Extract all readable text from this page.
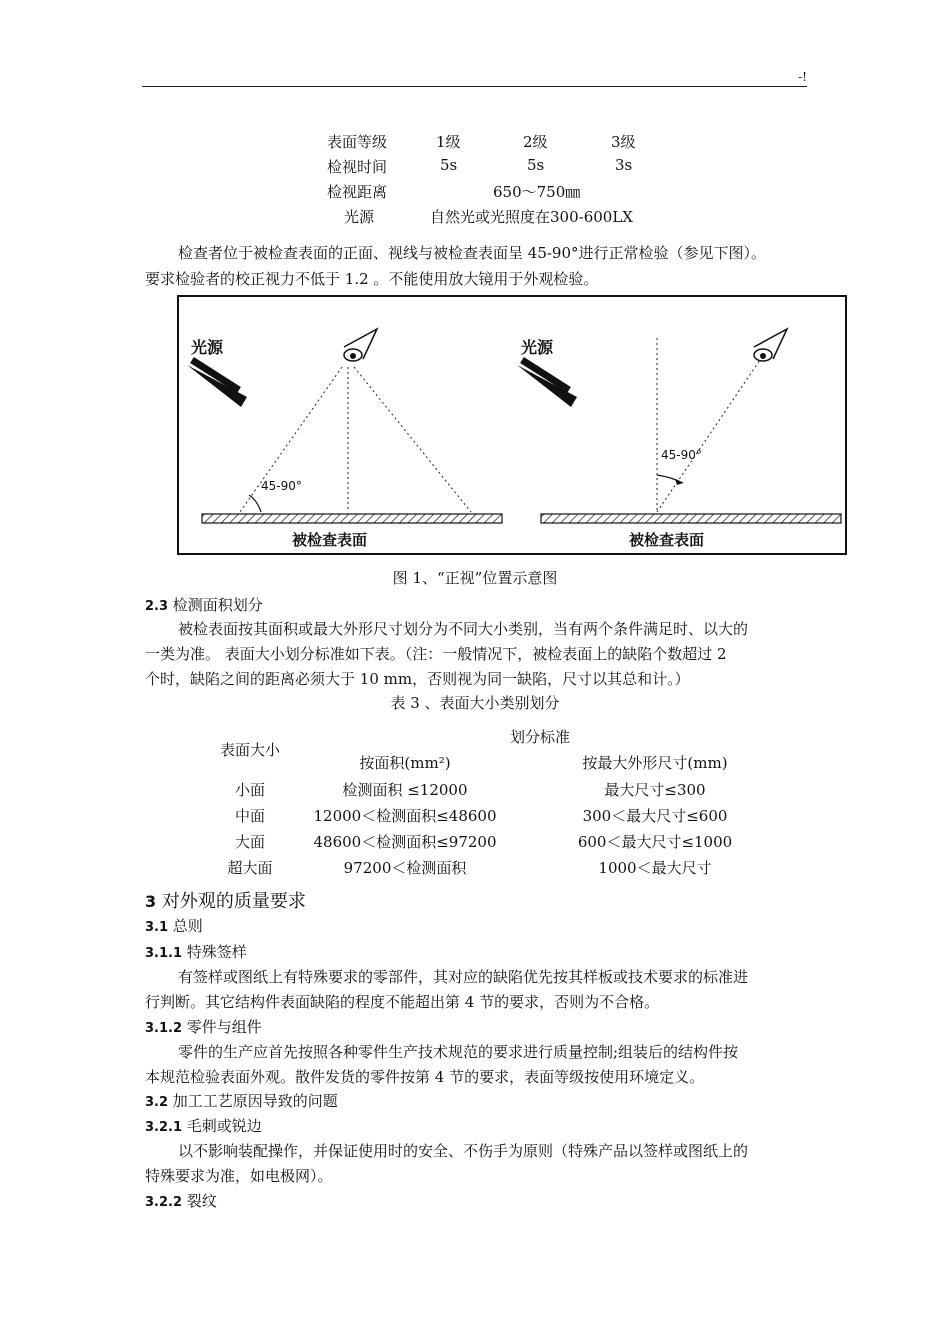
-!
表面等级	1级	2级	3级
检视时间	5s	5s	3s
检视距离	650～750㎜
光源	自然光或光照度在300-600LX
检查者位于被检查表面的正面、视线与被检查表面呈 45-90°进行正常检验（参见下图）。
要求检验者的校正视力不低于 1.2 。不能使用放大镜用于外观检验。
光源	光源
45-90°
45-90°
被检查表面	被检查表面
图 1、“正视”位置示意图
2.3 检测面积划分
被检表面按其面积或最大外形尺寸划分为不同大小类别，当有两个条件满足时、以大的
一类为准。 表面大小划分标准如下表。（注：一般情况下，被检表面上的缺陷个数超过 2
个时，缺陷之间的距离必须大于 10 mm，否则视为同一缺陷，尺寸以其总和计。）
表 3 、表面大小类别划分
表面大小
划分标准
按面积(mm²)	按最大外形尺寸(mm)
小面	检测面积 ≤12000	最大尺寸≤300
中面	12000＜检测面积≤48600	300＜最大尺寸≤600
大面	48600＜检测面积≤97200	600＜最大尺寸≤1000
超大面	97200＜检测面积	1000＜最大尺寸
3 对外观的质量要求
3.1 总则
3.1.1 特殊签样
有签样或图纸上有特殊要求的零部件，其对应的缺陷优先按其样板或技术要求的标准进
行判断。其它结构件表面缺陷的程度不能超出第 4 节的要求，否则为不合格。
3.1.2 零件与组件
零件的生产应首先按照各种零件生产技术规范的要求进行质量控制;组装后的结构件按
本规范检验表面外观。散件发货的零件按第 4 节的要求，表面等级按使用环境定义。
3.2 加工工艺原因导致的问题
3.2.1 毛刺或锐边
以不影响装配操作，并保证使用时的安全、不伤手为原则（特殊产品以签样或图纸上的
特殊要求为准，如电极网）。
3.2.2 裂纹
